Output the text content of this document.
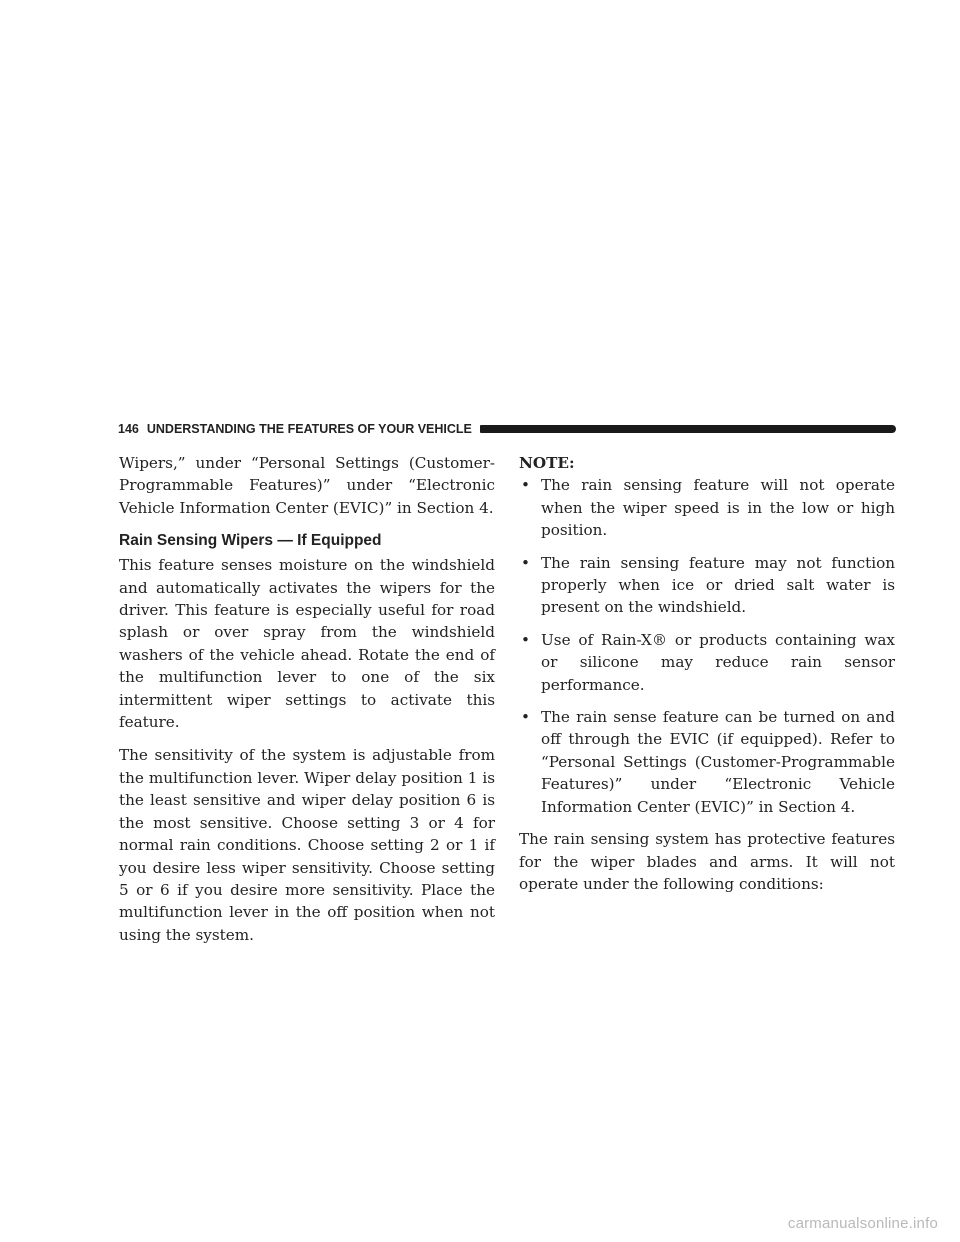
146 UNDERSTANDING THE FEATURES OF YOUR VEHICLE

Wipers,” under “Personal Settings (Customer-Programmable Features)” under “Electronic Vehicle Information Center (EVIC)” in Section 4.

Rain Sensing Wipers — If Equipped

This feature senses moisture on the windshield and automatically activates the wipers for the driver. This feature is especially useful for road splash or over spray from the windshield washers of the vehicle ahead. Rotate the end of the multifunction lever to one of the six intermittent wiper settings to activate this feature.

The sensitivity of the system is adjustable from the multifunction lever. Wiper delay position 1 is the least sensitive and wiper delay position 6 is the most sensitive. Choose setting 3 or 4 for normal rain conditions. Choose setting 2 or 1 if you desire less wiper sensitivity. Choose setting 5 or 6 if you desire more sensitivity. Place the multifunction lever in the off position when not using the system.

NOTE:

• The rain sensing feature will not operate when the wiper speed is in the low or high position.
• The rain sensing feature may not function properly when ice or dried salt water is present on the windshield.
• Use of Rain-X® or products containing wax or silicone may reduce rain sensor performance.
• The rain sense feature can be turned on and off through the EVIC (if equipped). Refer to “Personal Settings (Customer-Programmable Features)” under “Electronic Vehicle Information Center (EVIC)” in Section 4.

The rain sensing system has protective features for the wiper blades and arms. It will not operate under the following conditions:

carmanualsonline.info
